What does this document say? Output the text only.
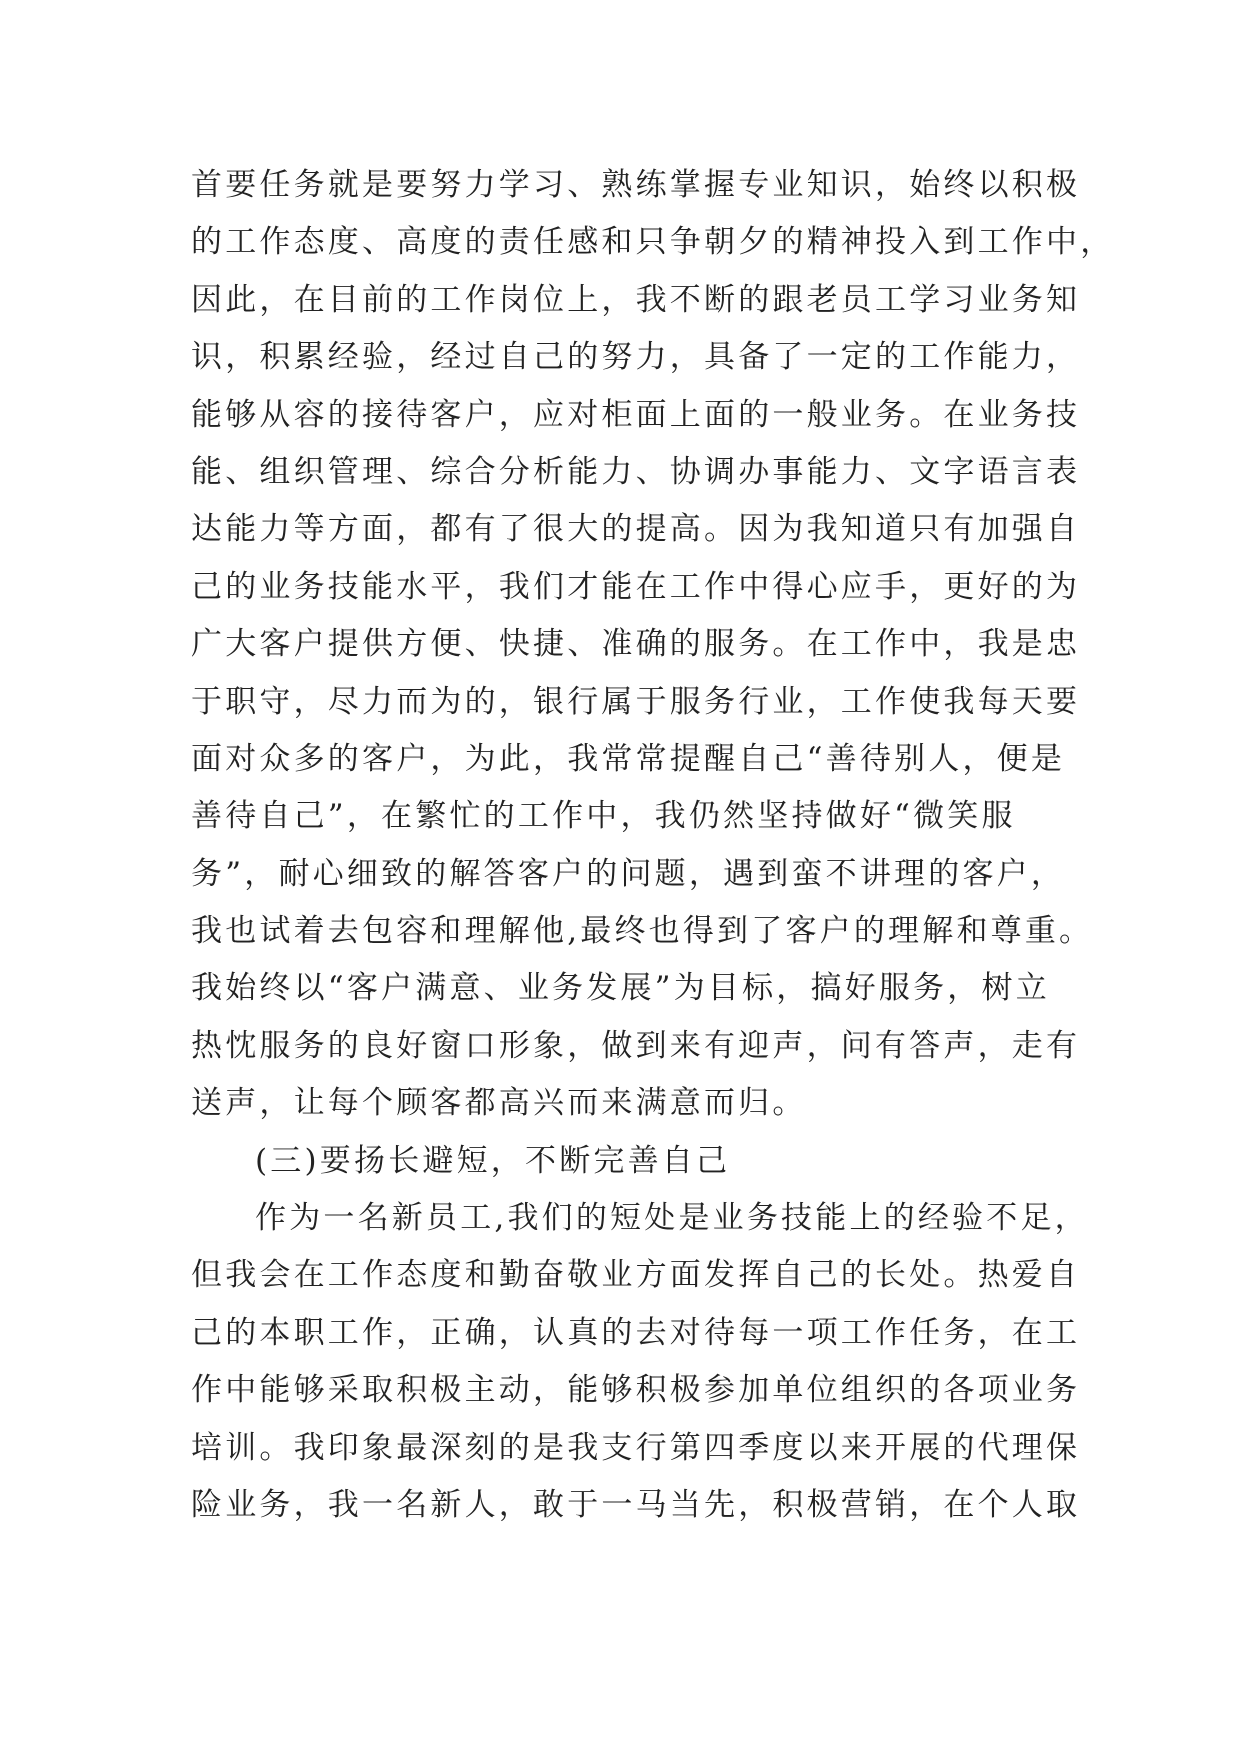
首要任务就是要努力学习、熟练掌握专业知识，始终以积极
的工作态度、高度的责任感和只争朝夕的精神投入到工作中，
因此，在目前的工作岗位上，我不断的跟老员工学习业务知
识，积累经验，经过自己的努力，具备了一定的工作能力，
能够从容的接待客户，应对柜面上面的一般业务。在业务技
能、组织管理、综合分析能力、协调办事能力、文字语言表
达能力等方面，都有了很大的提高。因为我知道只有加强自
己的业务技能水平，我们才能在工作中得心应手，更好的为
广大客户提供方便、快捷、准确的服务。在工作中，我是忠
于职守，尽力而为的，银行属于服务行业，工作使我每天要
面对众多的客户，为此，我常常提醒自己“善待别人，便是
善待自己”，在繁忙的工作中，我仍然坚持做好“微笑服
务”，耐心细致的解答客户的问题，遇到蛮不讲理的客户，
我也试着去包容和理解他,最终也得到了客户的理解和尊重。
我始终以“客户满意、业务发展”为目标，搞好服务，树立
热忱服务的良好窗口形象，做到来有迎声，问有答声，走有
送声，让每个顾客都高兴而来满意而归。
(三)要扬长避短，不断完善自己
作为一名新员工,我们的短处是业务技能上的经验不足，
但我会在工作态度和勤奋敬业方面发挥自己的长处。热爱自
己的本职工作，正确，认真的去对待每一项工作任务，在工
作中能够采取积极主动，能够积极参加单位组织的各项业务
培训。我印象最深刻的是我支行第四季度以来开展的代理保
险业务，我一名新人，敢于一马当先，积极营销，在个人取
